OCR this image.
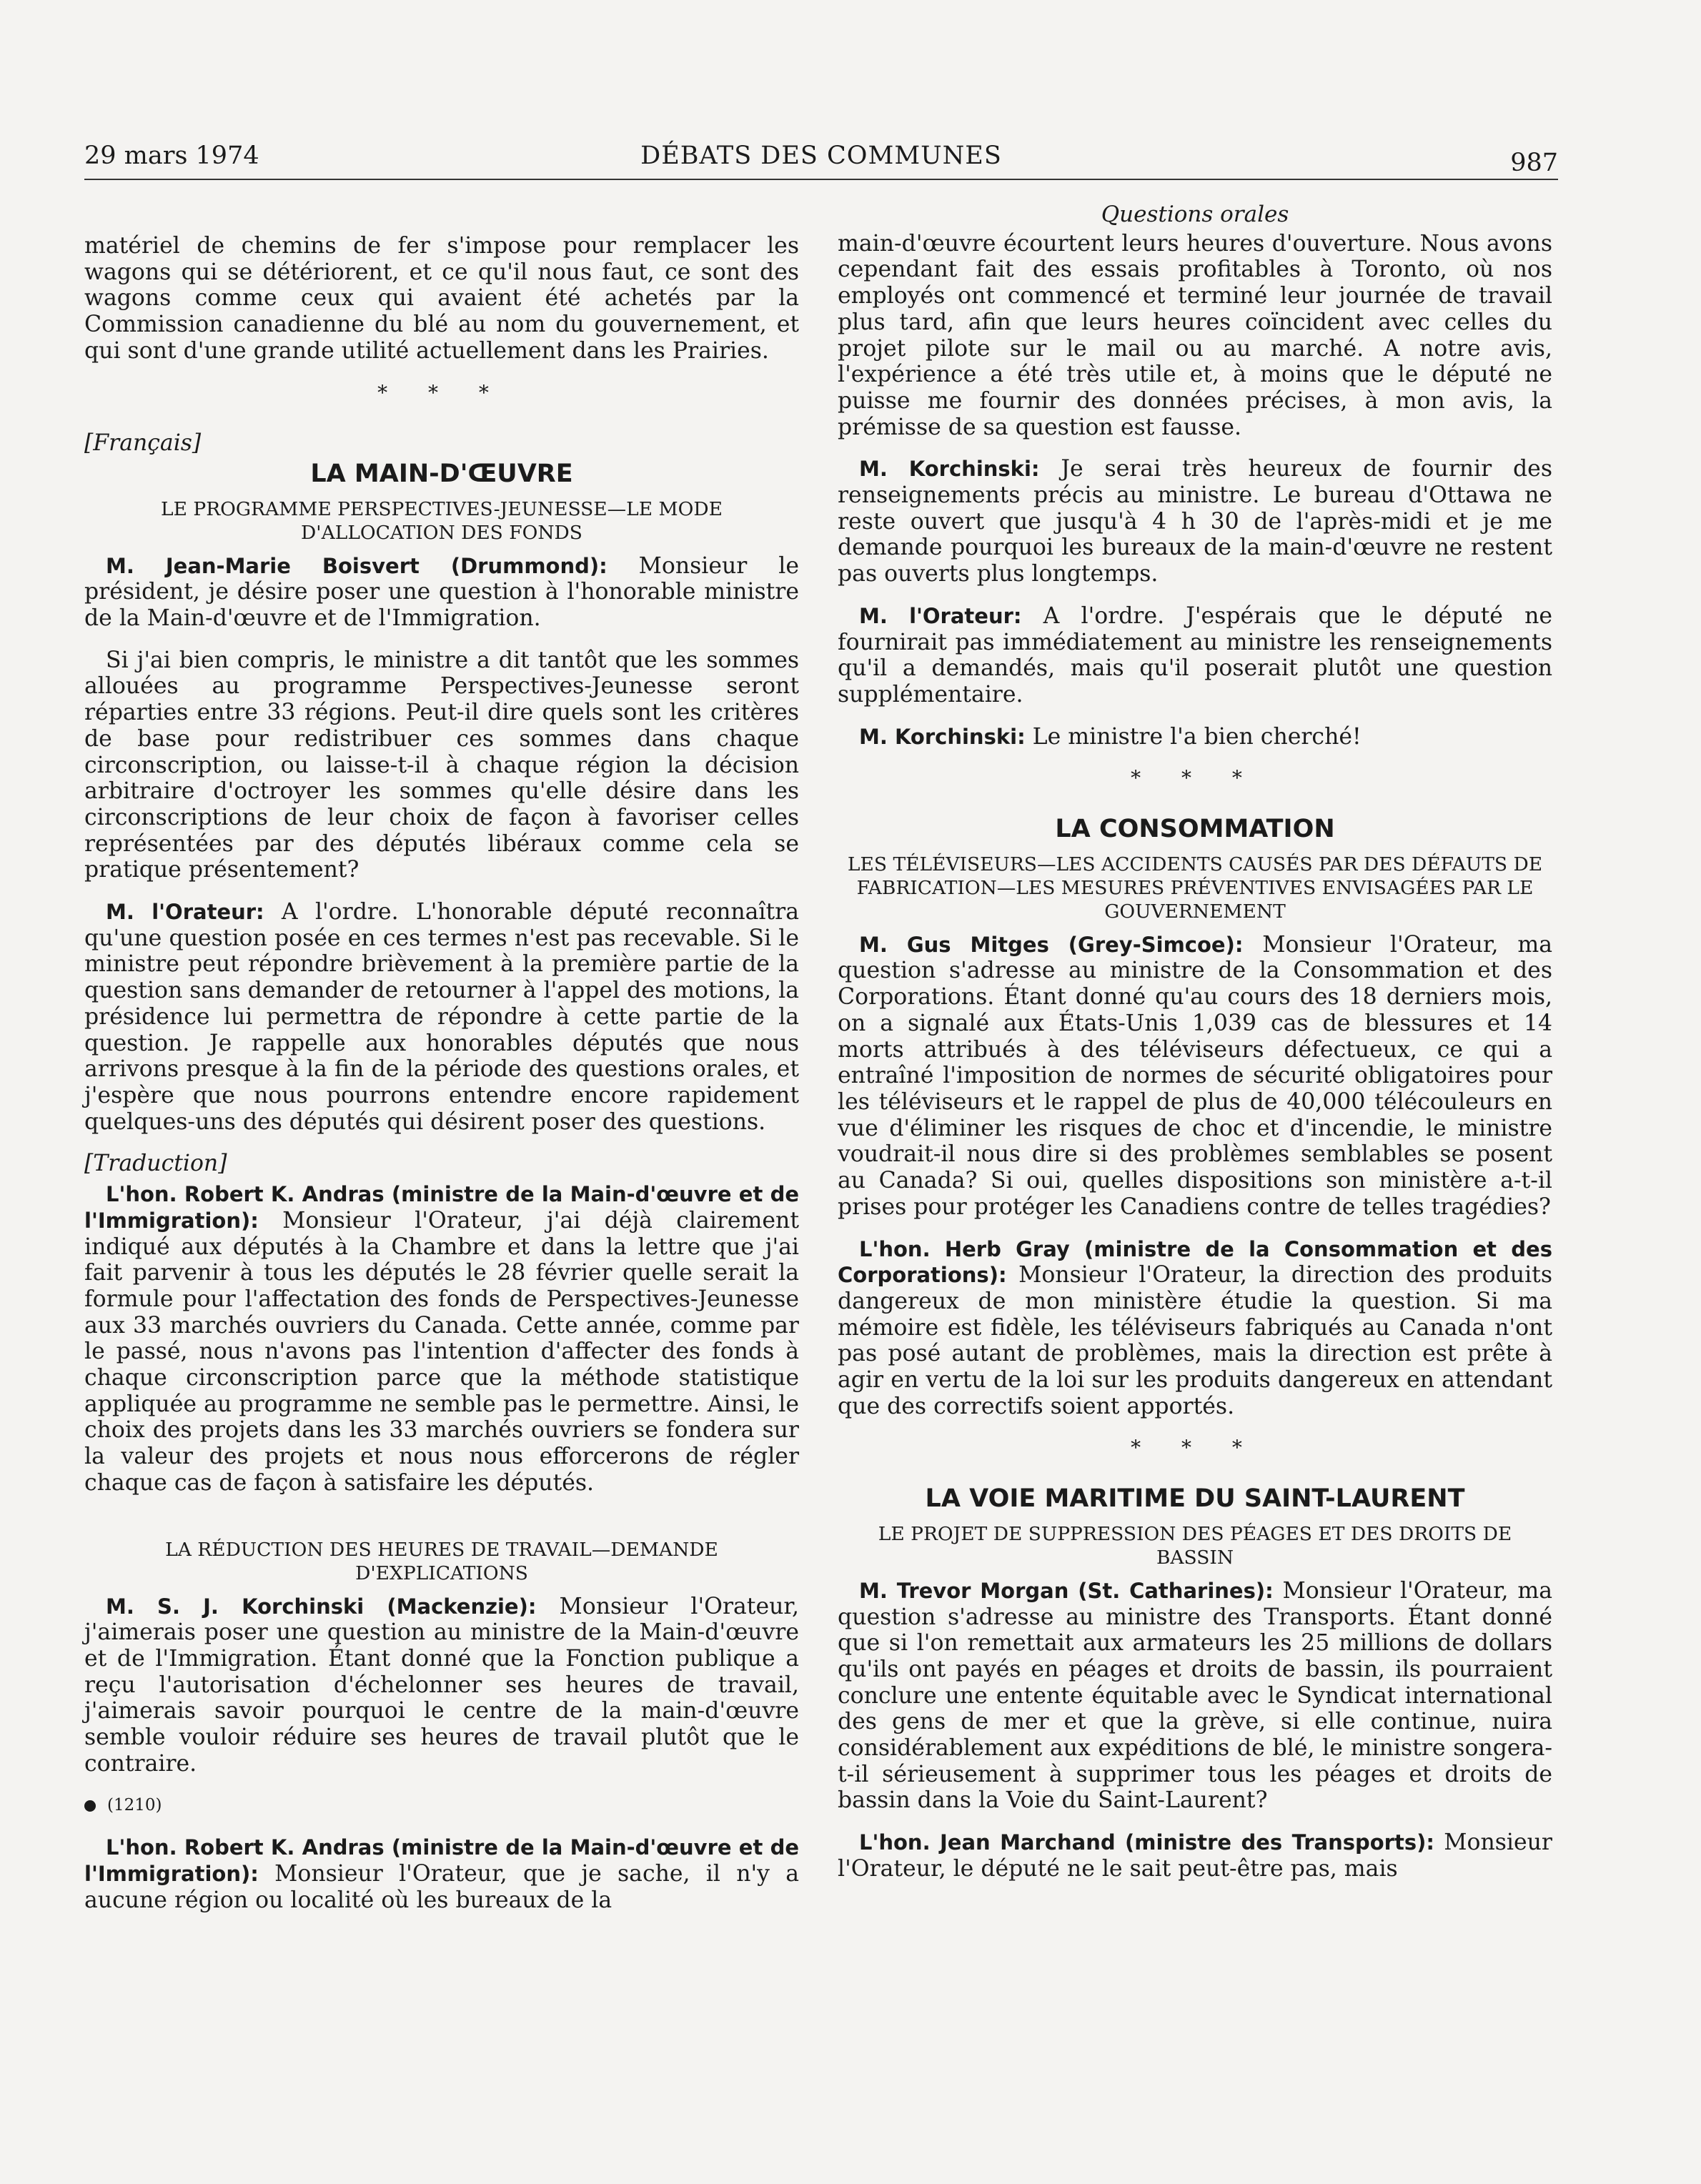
29 mars 1974	DÉBATS DES COMMUNES	987

matériel de chemins de fer s'impose pour remplacer les wagons qui se détériorent, et ce qu'il nous faut, ce sont des wagons comme ceux qui avaient été achetés par la Commission canadienne du blé au nom du gouvernement, et qui sont d'une grande utilité actuellement dans les Prairies.

* * *
[Français]
LA MAIN-D'ŒUVRE
LE PROGRAMME PERSPECTIVES-JEUNESSE—LE MODE D'ALLOCATION DES FONDS

M. Jean-Marie Boisvert (Drummond): Monsieur le président, je désire poser une question à l'honorable ministre de la Main-d'œuvre et de l'Immigration.

Si j'ai bien compris, le ministre a dit tantôt que les sommes allouées au programme Perspectives-Jeunesse seront réparties entre 33 régions. Peut-il dire quels sont les critères de base pour redistribuer ces sommes dans chaque circonscription, ou laisse-t-il à chaque région la décision arbitraire d'octroyer les sommes qu'elle désire dans les circonscriptions de leur choix de façon à favoriser celles représentées par des députés libéraux comme cela se pratique présentement?

M. l'Orateur: A l'ordre. L'honorable député reconnaîtra qu'une question posée en ces termes n'est pas recevable. Si le ministre peut répondre brièvement à la première partie de la question sans demander de retourner à l'appel des motions, la présidence lui permettra de répondre à cette partie de la question. Je rappelle aux honorables députés que nous arrivons presque à la fin de la période des questions orales, et j'espère que nous pourrons entendre encore rapidement quelques-uns des députés qui désirent poser des questions.

[Traduction]

L'hon. Robert K. Andras (ministre de la Main-d'œuvre et de l'Immigration): Monsieur l'Orateur, j'ai déjà clairement indiqué aux députés à la Chambre et dans la lettre que j'ai fait parvenir à tous les députés le 28 février quelle serait la formule pour l'affectation des fonds de Perspectives-Jeunesse aux 33 marchés ouvriers du Canada. Cette année, comme par le passé, nous n'avons pas l'intention d'affecter des fonds à chaque circonscription parce que la méthode statistique appliquée au programme ne semble pas le permettre. Ainsi, le choix des projets dans les 33 marchés ouvriers se fondera sur la valeur des projets et nous nous efforcerons de régler chaque cas de façon à satisfaire les députés.

LA RÉDUCTION DES HEURES DE TRAVAIL—DEMANDE D'EXPLICATIONS

M. S. J. Korchinski (Mackenzie): Monsieur l'Orateur, j'aimerais poser une question au ministre de la Main-d'œuvre et de l'Immigration. Étant donné que la Fonction publique a reçu l'autorisation d'échelonner ses heures de travail, j'aimerais savoir pourquoi le centre de la main-d'œuvre semble vouloir réduire ses heures de travail plutôt que le contraire.

(1210)

L'hon. Robert K. Andras (ministre de la Main-d'œuvre et de l'Immigration): Monsieur l'Orateur, que je sache, il n'y a aucune région ou localité où les bureaux de la

Questions orales

main-d'œuvre écourtent leurs heures d'ouverture. Nous avons cependant fait des essais profitables à Toronto, où nos employés ont commencé et terminé leur journée de travail plus tard, afin que leurs heures coïncident avec celles du projet pilote sur le mail ou au marché. A notre avis, l'expérience a été très utile et, à moins que le député ne puisse me fournir des données précises, à mon avis, la prémisse de sa question est fausse.

M. Korchinski: Je serai très heureux de fournir des renseignements précis au ministre. Le bureau d'Ottawa ne reste ouvert que jusqu'à 4 h 30 de l'après-midi et je me demande pourquoi les bureaux de la main-d'œuvre ne restent pas ouverts plus longtemps.

M. l'Orateur: A l'ordre. J'espérais que le député ne fournirait pas immédiatement au ministre les renseignements qu'il a demandés, mais qu'il poserait plutôt une question supplémentaire.

M. Korchinski: Le ministre l'a bien cherché!

* * *
LA CONSOMMATION
LES TÉLÉVISEURS—LES ACCIDENTS CAUSÉS PAR DES DÉFAUTS DE FABRICATION—LES MESURES PRÉVENTIVES ENVISAGÉES PAR LE GOUVERNEMENT

M. Gus Mitges (Grey-Simcoe): Monsieur l'Orateur, ma question s'adresse au ministre de la Consommation et des Corporations. Étant donné qu'au cours des 18 derniers mois, on a signalé aux États-Unis 1,039 cas de blessures et 14 morts attribués à des téléviseurs défectueux, ce qui a entraîné l'imposition de normes de sécurité obligatoires pour les téléviseurs et le rappel de plus de 40,000 télécouleurs en vue d'éliminer les risques de choc et d'incendie, le ministre voudrait-il nous dire si des problèmes semblables se posent au Canada? Si oui, quelles dispositions son ministère a-t-il prises pour protéger les Canadiens contre de telles tragédies?

L'hon. Herb Gray (ministre de la Consommation et des Corporations): Monsieur l'Orateur, la direction des produits dangereux de mon ministère étudie la question. Si ma mémoire est fidèle, les téléviseurs fabriqués au Canada n'ont pas posé autant de problèmes, mais la direction est prête à agir en vertu de la loi sur les produits dangereux en attendant que des correctifs soient apportés.

* * *
LA VOIE MARITIME DU SAINT-LAURENT
LE PROJET DE SUPPRESSION DES PÉAGES ET DES DROITS DE BASSIN

M. Trevor Morgan (St. Catharines): Monsieur l'Orateur, ma question s'adresse au ministre des Transports. Étant donné que si l'on remettait aux armateurs les 25 millions de dollars qu'ils ont payés en péages et droits de bassin, ils pourraient conclure une entente équitable avec le Syndicat international des gens de mer et que la grève, si elle continue, nuira considérablement aux expéditions de blé, le ministre songera-t-il sérieusement à supprimer tous les péages et droits de bassin dans la Voie du Saint-Laurent?

L'hon. Jean Marchand (ministre des Transports): Monsieur l'Orateur, le député ne le sait peut-être pas, mais
